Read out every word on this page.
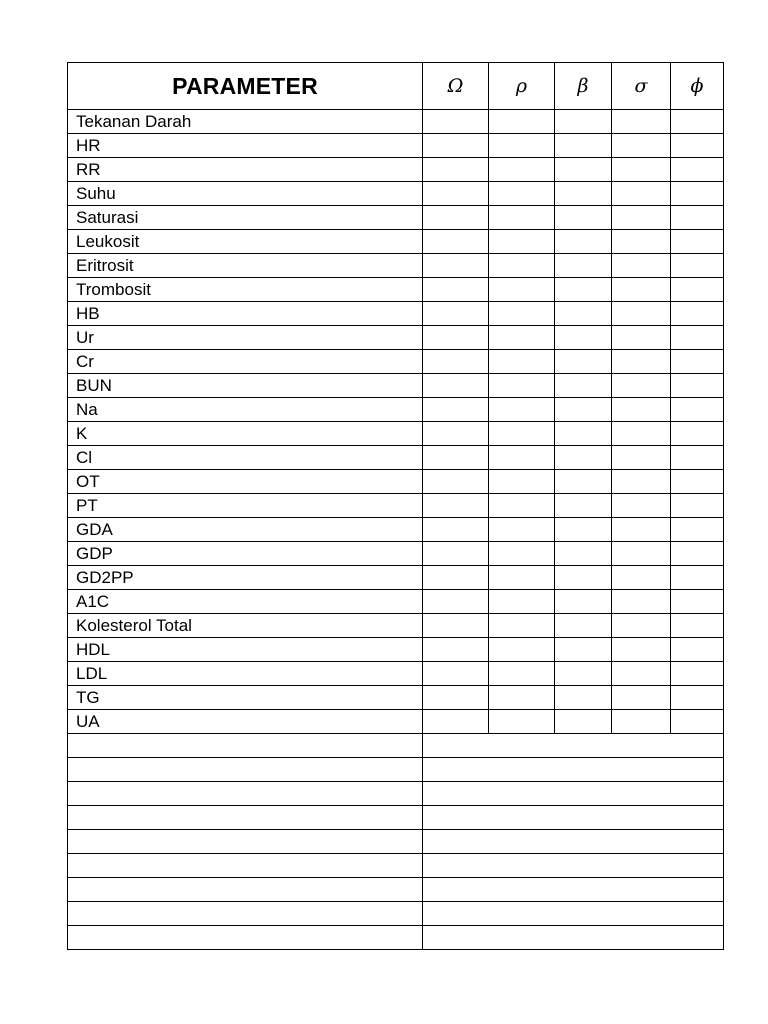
PARAMETER	Ω	ρ	β	σ	ϕ
Tekanan Darah					
HR					
RR					
Suhu					
Saturasi					
Leukosit					
Eritrosit					
Trombosit					
HB					
Ur					
Cr					
BUN					
Na					
K					
Cl					
OT					
PT					
GDA					
GDP					
GD2PP					
A1C					
Kolesterol Total					
HDL					
LDL					
TG					
UA					
